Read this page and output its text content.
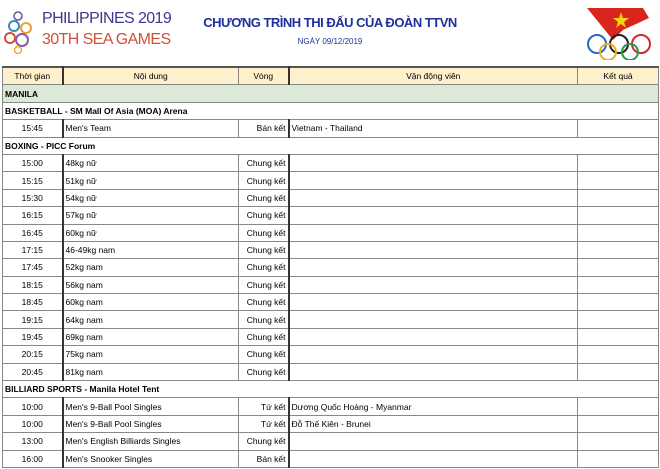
PHILIPPINES 2019
30TH SEA GAMES
CHƯƠNG TRÌNH THI ĐẤU CỦA ĐOÀN TTVN
NGÀY 09/12/2019
Thời gian	Nội dung	Vòng	Vận động viên	Kết quả
MANILA				
BASKETBALL - SM Mall Of Asia (MOA) Arena				
15:45	Men's Team	Bán kết	Vietnam - Thailand	
BOXING - PICC Forum				
15:00	48kg nữ	Chung kết		
15:15	51kg nữ	Chung kết		
15:30	54kg nữ	Chung kết		
16:15	57kg nữ	Chung kết		
16:45	60kg nữ	Chung kết		
17:15	46-49kg nam	Chung kết		
17:45	52kg nam	Chung kết		
18:15	56kg nam	Chung kết		
18:45	60kg nam	Chung kết		
19:15	64kg nam	Chung kết		
19:45	69kg nam	Chung kết		
20:15	75kg nam	Chung kết		
20:45	81kg nam	Chung kết		
BILLIARD SPORTS - Manila Hotel Tent				
10:00	Men's 9-Ball Pool Singles	Tứ kết	Dương Quốc Hoàng - Myanmar	
10:00	Men's 9-Ball Pool Singles	Tứ kết	Đỗ Thế Kiên - Brunei	
13:00	Men's English Billiards Singles	Chung kết		
16:00	Men's Snooker Singles	Bán kết		
